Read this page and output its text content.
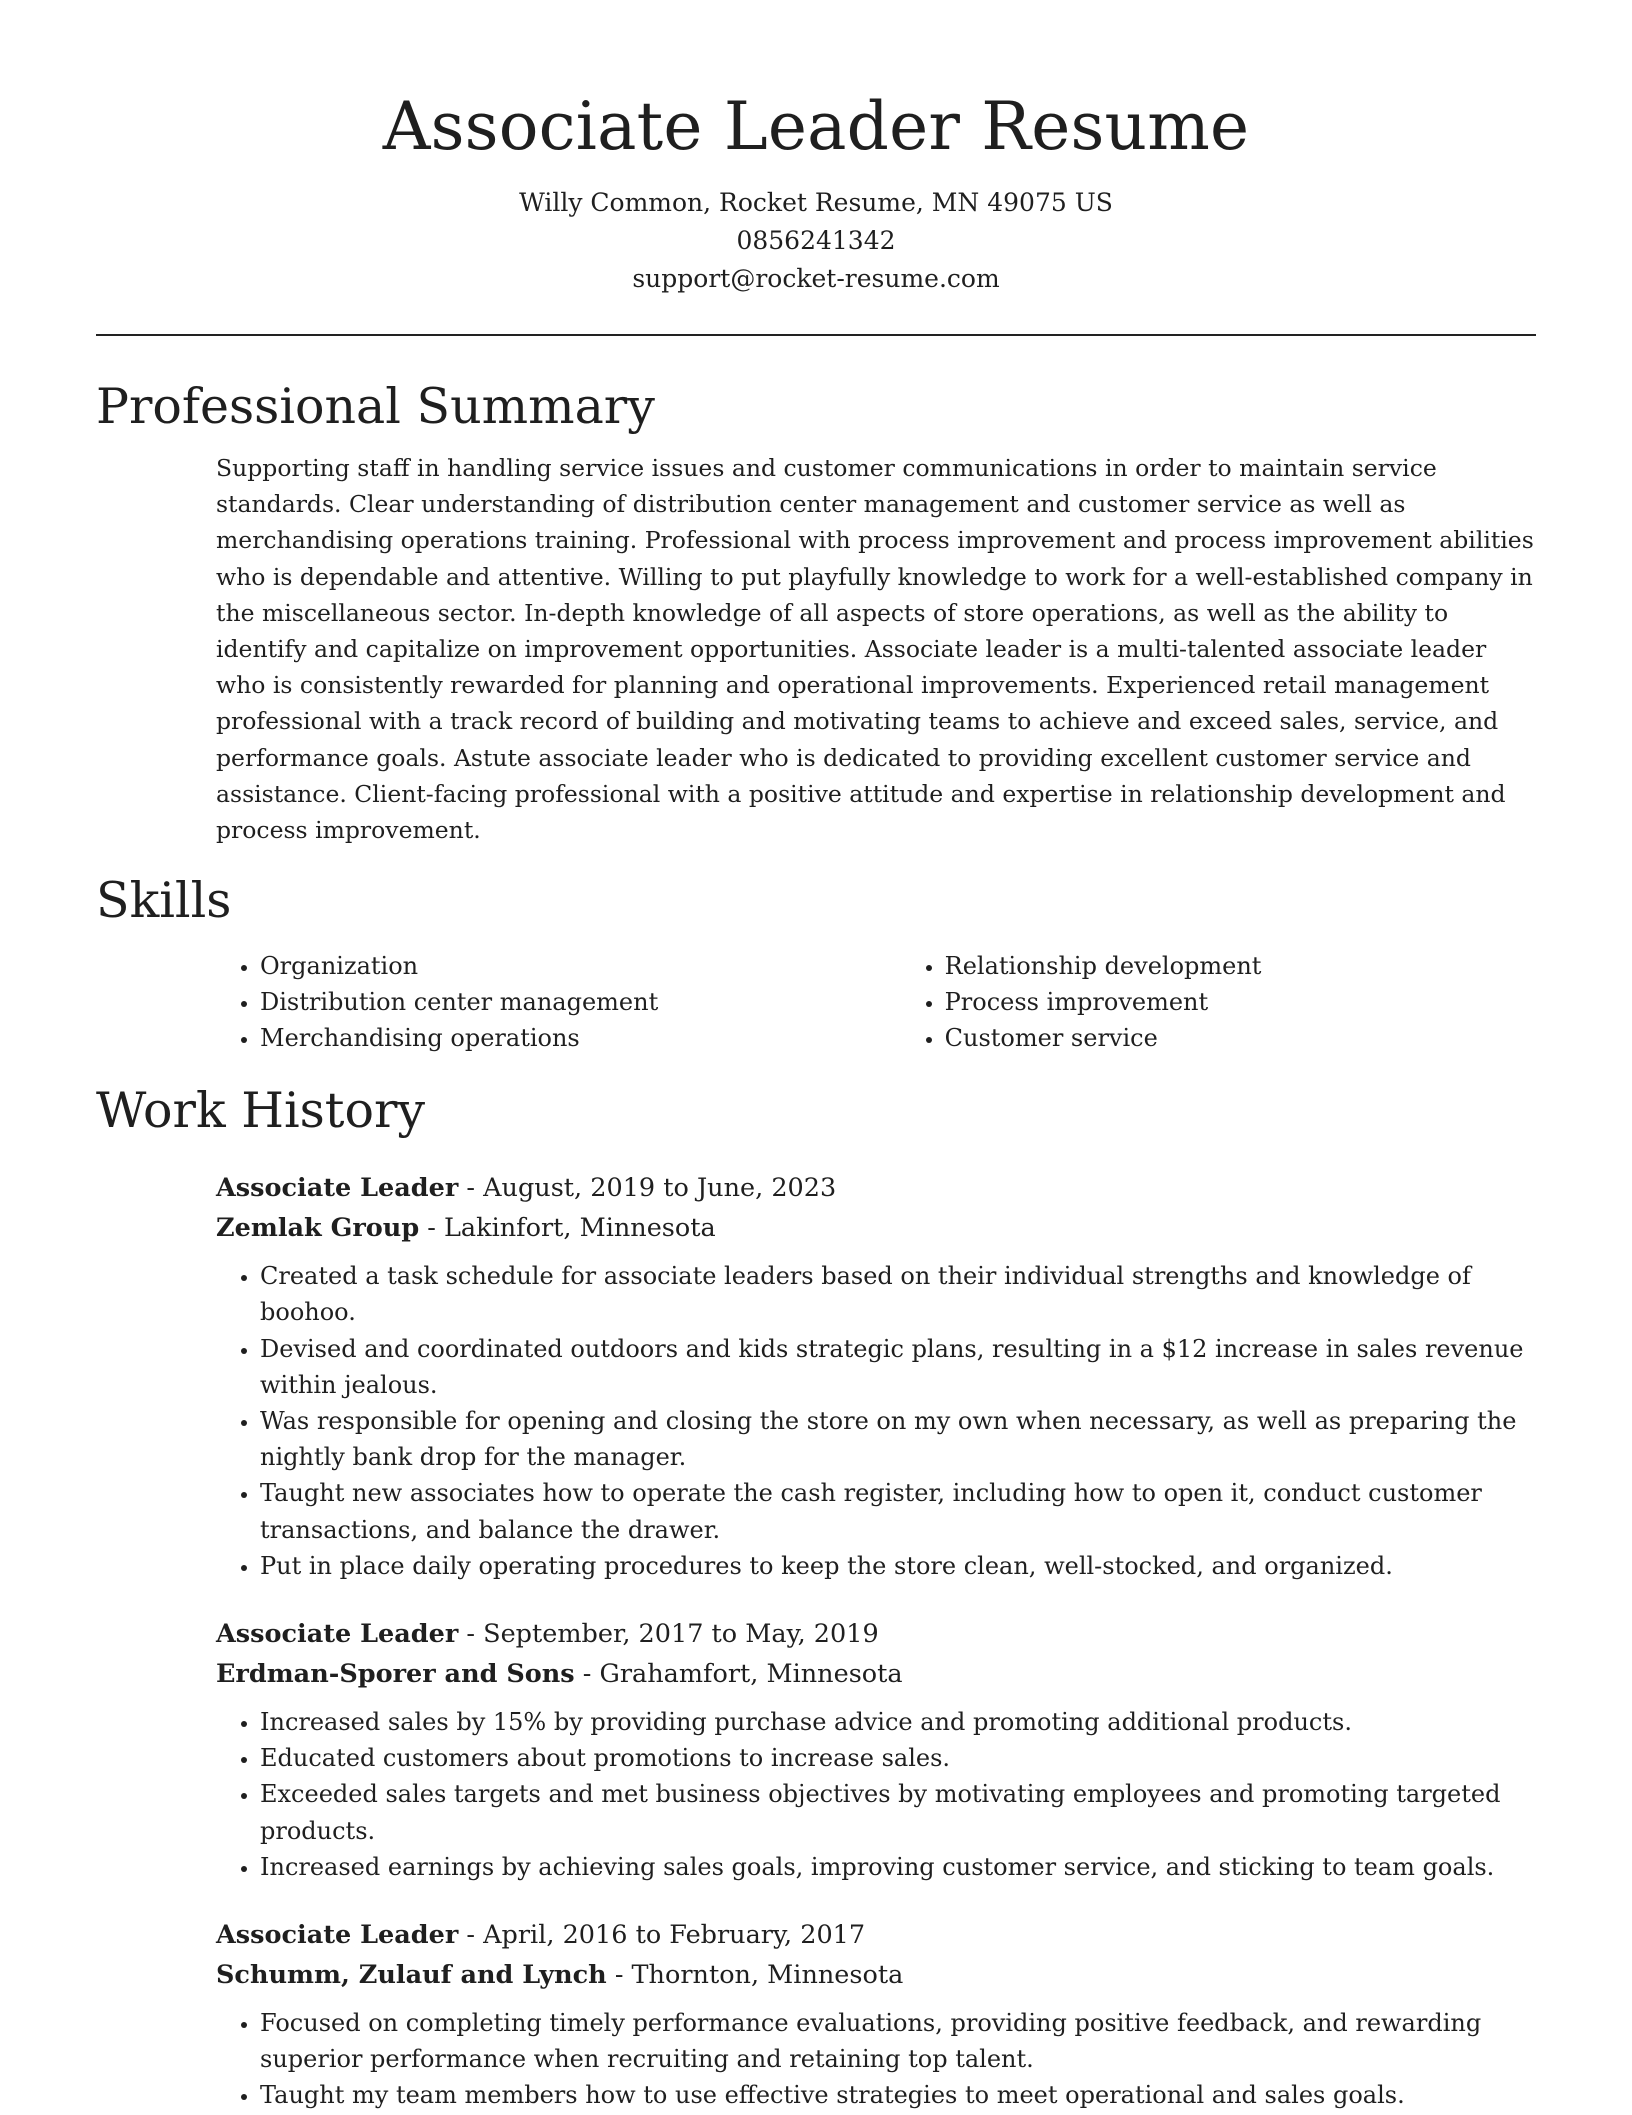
Associate Leader Resume
Willy Common, Rocket Resume, MN 49075 US
0856241342
support@rocket-resume.com
Professional Summary
Supporting staff in handling service issues and customer communications in order to maintain service standards. Clear understanding of distribution center management and customer service as well as merchandising operations training. Professional with process improvement and process improvement abilities who is dependable and attentive. Willing to put playfully knowledge to work for a well-established company in the miscellaneous sector. In-depth knowledge of all aspects of store operations, as well as the ability to identify and capitalize on improvement opportunities. Associate leader is a multi-talented associate leader who is consistently rewarded for planning and operational improvements. Experienced retail management professional with a track record of building and motivating teams to achieve and exceed sales, service, and performance goals. Astute associate leader who is dedicated to providing excellent customer service and assistance. Client-facing professional with a positive attitude and expertise in relationship development and process improvement.
Skills
• Organization
• Distribution center management
• Merchandising operations
• Relationship development
• Process improvement
• Customer service
Work History
Associate Leader - August, 2019 to June, 2023
Zemlak Group - Lakinfort, Minnesota
• Created a task schedule for associate leaders based on their individual strengths and knowledge of boohoo.
• Devised and coordinated outdoors and kids strategic plans, resulting in a $12 increase in sales revenue within jealous.
• Was responsible for opening and closing the store on my own when necessary, as well as preparing the nightly bank drop for the manager.
• Taught new associates how to operate the cash register, including how to open it, conduct customer transactions, and balance the drawer.
• Put in place daily operating procedures to keep the store clean, well-stocked, and organized.
Associate Leader - September, 2017 to May, 2019
Erdman-Sporer and Sons - Grahamfort, Minnesota
• Increased sales by 15% by providing purchase advice and promoting additional products.
• Educated customers about promotions to increase sales.
• Exceeded sales targets and met business objectives by motivating employees and promoting targeted products.
• Increased earnings by achieving sales goals, improving customer service, and sticking to team goals.
Associate Leader - April, 2016 to February, 2017
Schumm, Zulauf and Lynch - Thornton, Minnesota
• Focused on completing timely performance evaluations, providing positive feedback, and rewarding superior performance when recruiting and retaining top talent.
• Taught my team members how to use effective strategies to meet operational and sales goals.
